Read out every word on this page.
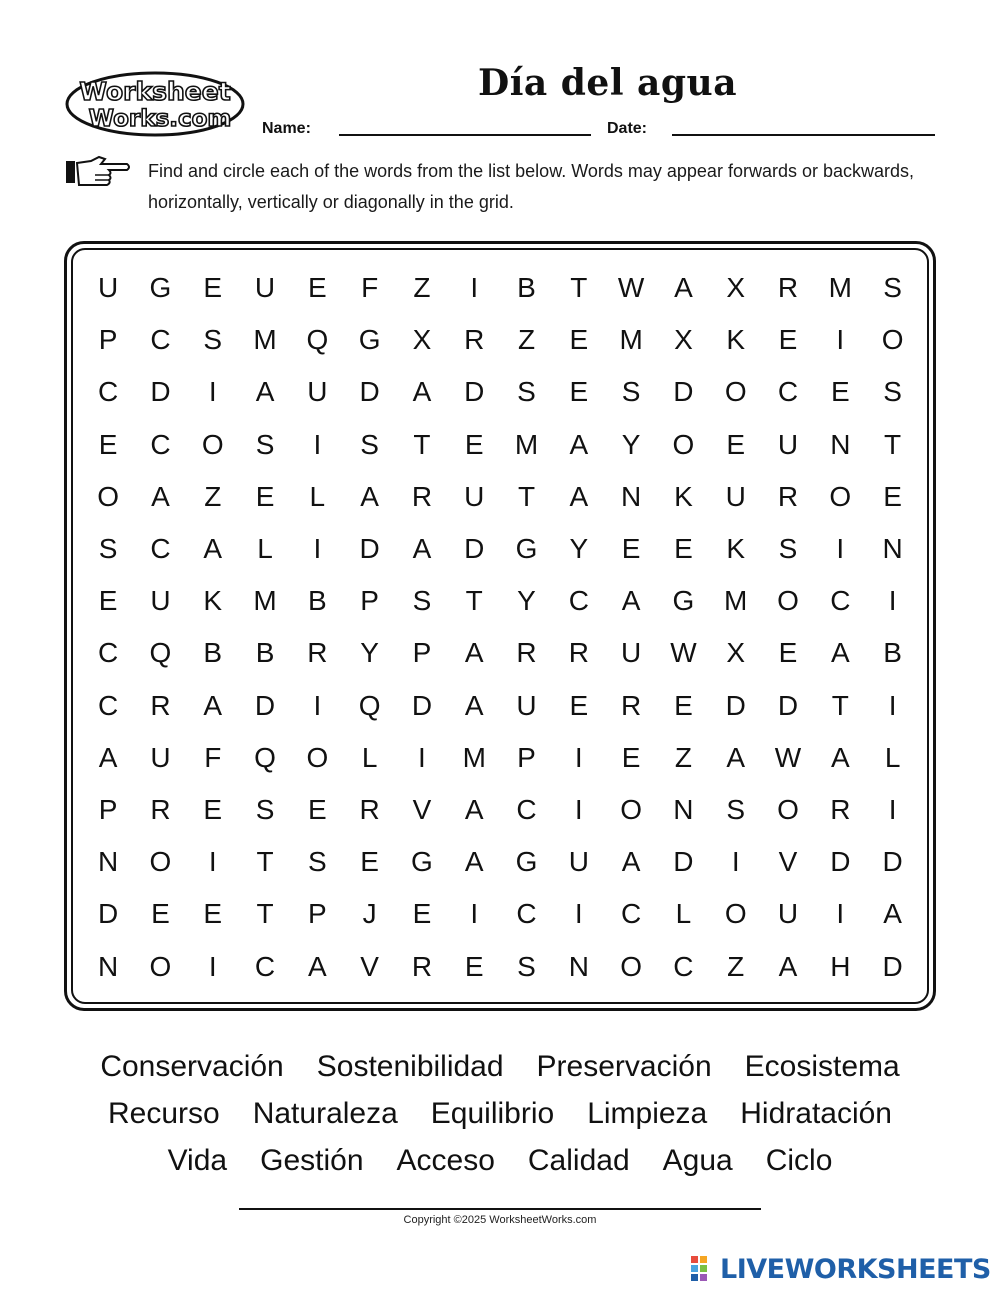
Worksheet
Works.com
Día del agua
Name:	Date:
Find and circle each of the words from the list below. Words may appear forwards or backwards, horizontally, vertically or diagonally in the grid.
U	G	E	U	E	F	Z	I	B	T	W	A	X	R	M	S
P	C	S	M	Q	G	X	R	Z	E	M	X	K	E	I	O
C	D	I	A	U	D	A	D	S	E	S	D	O	C	E	S
E	C	O	S	I	S	T	E	M	A	Y	O	E	U	N	T
O	A	Z	E	L	A	R	U	T	A	N	K	U	R	O	E
S	C	A	L	I	D	A	D	G	Y	E	E	K	S	I	N
E	U	K	M	B	P	S	T	Y	C	A	G	M	O	C	I
C	Q	B	B	R	Y	P	A	R	R	U	W	X	E	A	B
C	R	A	D	I	Q	D	A	U	E	R	E	D	D	T	I
A	U	F	Q	O	L	I	M	P	I	E	Z	A	W	A	L
P	R	E	S	E	R	V	A	C	I	O	N	S	O	R	I
N	O	I	T	S	E	G	A	G	U	A	D	I	V	D	D
D	E	E	T	P	J	E	I	C	I	C	L	O	U	I	A
N	O	I	C	A	V	R	E	S	N	O	C	Z	A	H	D
Conservación Sostenibilidad Preservación Ecosistema
Recurso Naturaleza Equilibrio Limpieza Hidratación
Vida Gestión Acceso Calidad Agua Ciclo
Copyright ©2025 WorksheetWorks.com
LIVEWORKSHEETS
